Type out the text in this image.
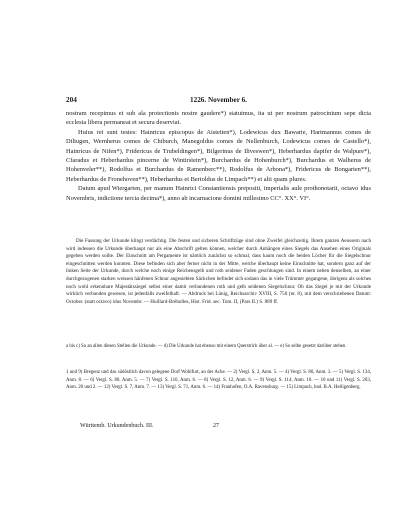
204	1226. November 6.

nostram recepimus et sub ala protectionis nostre gaudere*) statuimus, ita ut per nostrum patrocinium sepe dicta ecclesia libera permaneat et secura deserviat.

Huius rei sunt testes: Hainricus episcopus de Aistetten*), Lodewicus dux Bawarie, Hartmannus comes de Diliugen, Wernherus comes de Chiburch, Manegoldus comes de Nellenburch, Lodewicus comes de Castello*), Hainricus de Nifen*), Fridericus de Trubeldingen*), Bilgerinus de Iliveswen*), Heberhardus dapifer de Walpure*), Cfaradus et Heberhardus pincerne de Wintirstein*), Burchardus de Hohenburch*), Burchardus et Walherus de Hohenveler**), Rodolfus et Burchardus de Ramenberc**), Rodolfus de Arbona*), Fridericus de Bongarten**), Heberhardus de Fronehoven**), Heberhardus et Bertoldus de Limpach**) et alii quam plures.

Datum apud Wiergarten, per manum Hainrici Constantiensis prepositi, imperialis aule prothonotarii, octavo idus Novembris, indictione tercia decima*), anno ab incarnacione domini millesimo CC°. XX°. VI°.

Die Fassung der Urkunde klingt verdächtig. Die festen und sicheren Schriftzüge sind ohne Zweifel gleichzeitig. Ihrem ganzen Aeussern nach wird indessen die Urkunde überhaupt nur als eine Abschrift gelten können, welcher durch Anhängen eines Siegels das Ansehen eines Originals gegeben werden sollte. Der Einschnitt am Pergamente ist nämlich zunächst so schmal, dass kaum noch die beiden Löcher für die Siegelschnur eingeschnitten werden konnten. Diese befinden sich aber ferner nicht in der Mitte, welche überhaupt keine Einschnitte hat, sondern ganz auf der linken Seite der Urkunde, durch welche noch einige Reichensgelb und roth seidener Faden geschlungen sind. In einem neben denselben, an einer durchgezogenen starken weissen hänfenen Schnur angesiebten Säckchen befindet sich sodann das in viele Trümmer gegangene, übrigens als solches noch wohl erkennbare Majestätssiegel selbst einer damit verbundenen roth und gelb seidenen Siegelschnur. Ob das Siegel je mit der Urkunde wirklich verbunden gewesen, ist jedenfalls zweifelhaft. — Abdruck bei Lünig, Reichsarchiv XVIII, S. 750 (nr. 8), mit dem verschriebenen Datum: October. (statt octavo) idus Novembr. — Huillard-Bréholles, Hist. Frid. sec. Tom. II, (Pars II.) S. 889 ff.

a bis c) So an allen diesen Stellen die Urkunde. — d) Die Urkunde hat ebenso mit einem Querstrich über al. — e) So selbe gesetzt dariiber stehen.

1 und 9) Bregenz und das südöstlich davon gelegene Dorf Wohlfurt, an der Ache. — 2) Vergl. S. 2, Anm. 5. — 4) Vergl. S. 80, Anm. 3. — 5) Vergl. S. 134, Anm. 8. — 6) Vergl. S. 80, Anm. 5. — 7) Vergl. S. 110, Anm. 6. — 8) Vergl. S. 12, Anm. 6. — 9) Vergl. S. 114, Anm. 10. — 10 und 11) Vergl. S. 203, Anm. 20 und 2. — 12) Vergl. S. 7, Anm. 7. — 13) Vergl. S. 71, Anm. 6. — 14) Frauhofen, O.A. Ravensburg. — 15) Limpach, bad. B.A. Heiligenberg.

Württemb. Urkundenbuch. III.	27
